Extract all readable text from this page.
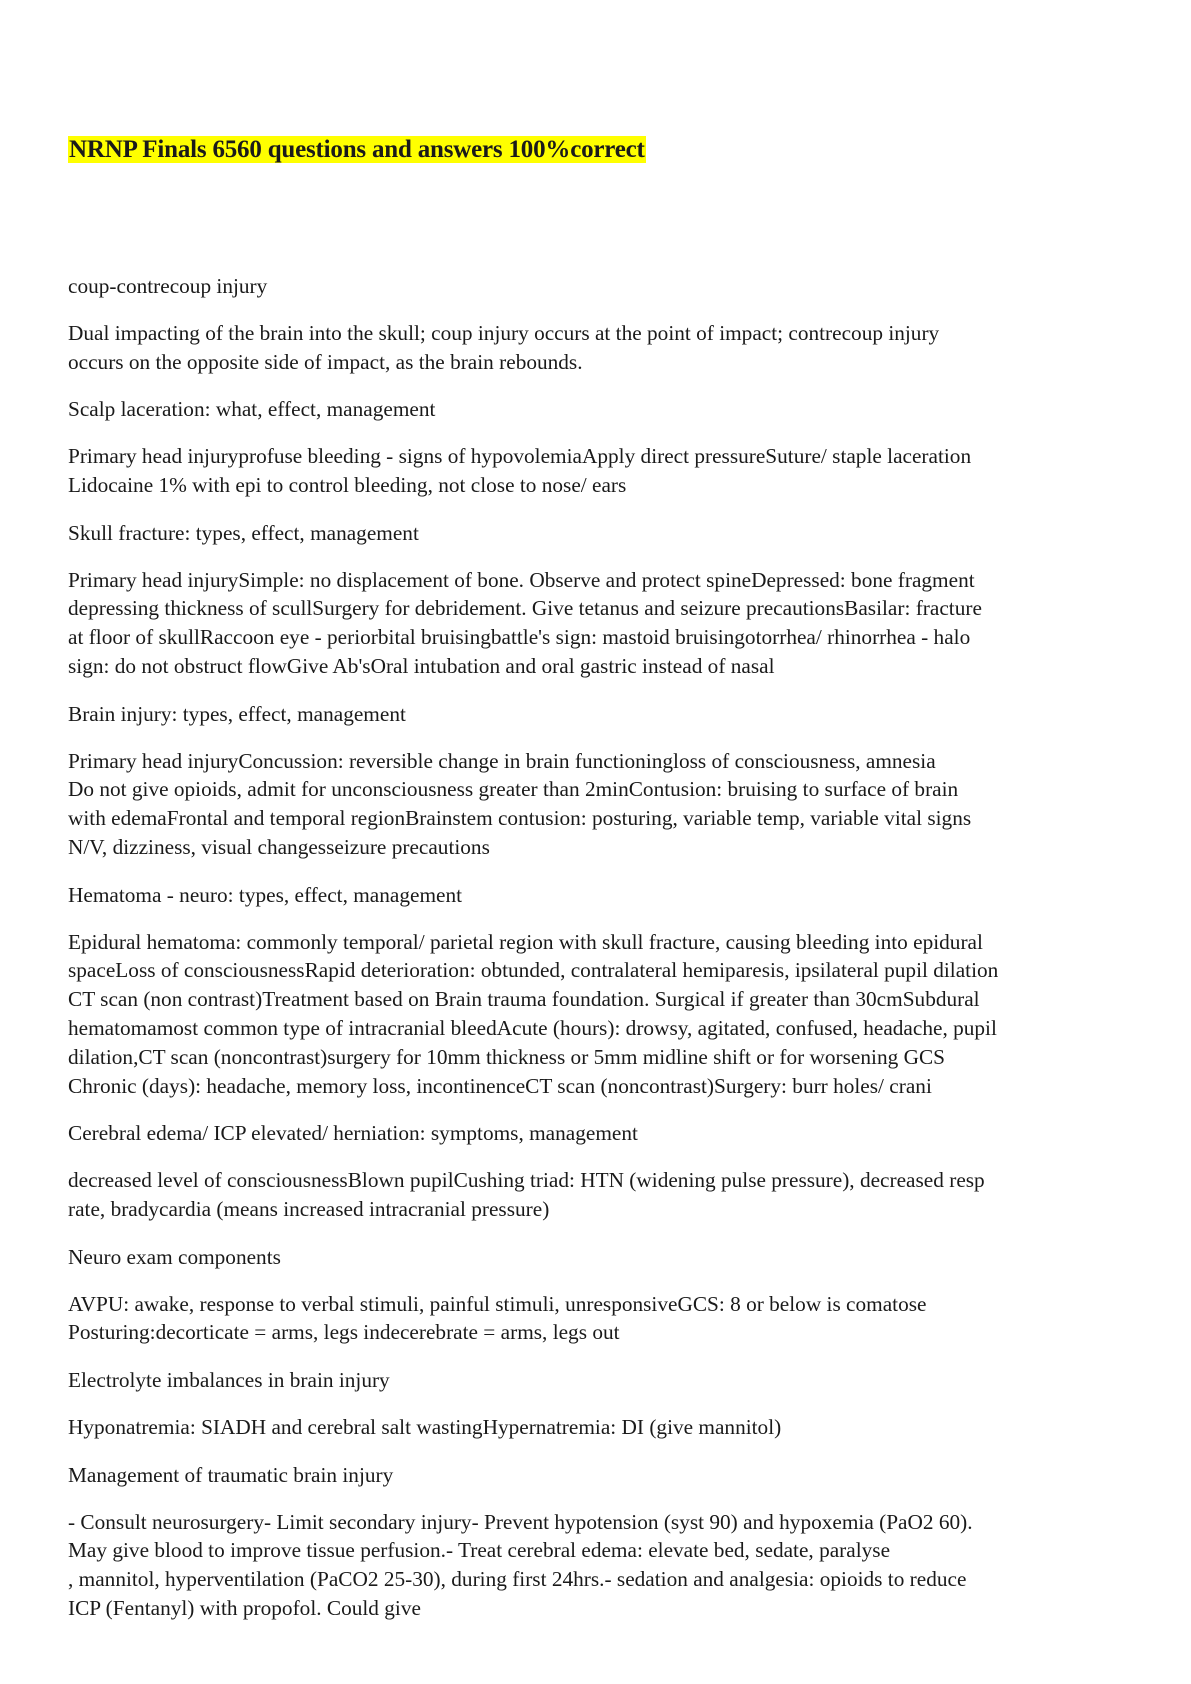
NRNP Finals 6560 questions and answers 100%correct

coup-contrecoup injury

Dual impacting of the brain into the skull; coup injury occurs at the point of impact; contrecoup injury
occurs on the opposite side of impact, as the brain rebounds.

Scalp laceration: what, effect, management

Primary head injuryprofuse bleeding - signs of hypovolemiaApply direct pressureSuture/ staple laceration
Lidocaine 1% with epi to control bleeding, not close to nose/ ears

Skull fracture: types, effect, management

Primary head injurySimple: no displacement of bone. Observe and protect spineDepressed: bone fragment
depressing thickness of scullSurgery for debridement. Give tetanus and seizure precautionsBasilar: fracture
at floor of skullRaccoon eye - periorbital bruisingbattle's sign: mastoid bruisingotorrhea/ rhinorrhea - halo
sign: do not obstruct flowGive Ab'sOral intubation and oral gastric instead of nasal

Brain injury: types, effect, management

Primary head injuryConcussion: reversible change in brain functioningloss of consciousness, amnesia
Do not give opioids, admit for unconsciousness greater than 2minContusion: bruising to surface of brain
with edemaFrontal and temporal regionBrainstem contusion: posturing, variable temp, variable vital signs
N/V, dizziness, visual changesseizure precautions

Hematoma - neuro: types, effect, management

Epidural hematoma: commonly temporal/ parietal region with skull fracture, causing bleeding into epidural
spaceLoss of consciousnessRapid deterioration: obtunded, contralateral hemiparesis, ipsilateral pupil dilation
CT scan (non contrast)Treatment based on Brain trauma foundation. Surgical if greater than 30cmSubdural
hematomamost common type of intracranial bleedAcute (hours): drowsy, agitated, confused, headache, pupil
dilation,CT scan (noncontrast)surgery for 10mm thickness or 5mm midline shift or for worsening GCS
Chronic (days): headache, memory loss, incontinenceCT scan (noncontrast)Surgery: burr holes/ crani

Cerebral edema/ ICP elevated/ herniation: symptoms, management

decreased level of consciousnessBlown pupilCushing triad: HTN (widening pulse pressure), decreased resp
rate, bradycardia (means increased intracranial pressure)

Neuro exam components

AVPU: awake, response to verbal stimuli, painful stimuli, unresponsiveGCS: 8 or below is comatose
Posturing:decorticate = arms, legs indecerebrate = arms, legs out

Electrolyte imbalances in brain injury

Hyponatremia: SIADH and cerebral salt wastingHypernatremia: DI (give mannitol)

Management of traumatic brain injury

- Consult neurosurgery- Limit secondary injury- Prevent hypotension (syst 90) and hypoxemia (PaO2 60).
May give blood to improve tissue perfusion.- Treat cerebral edema: elevate bed, sedate, paralyse
, mannitol, hyperventilation (PaCO2 25-30), during first 24hrs.- sedation and analgesia: opioids to reduce
ICP (Fentanyl) with propofol. Could give
